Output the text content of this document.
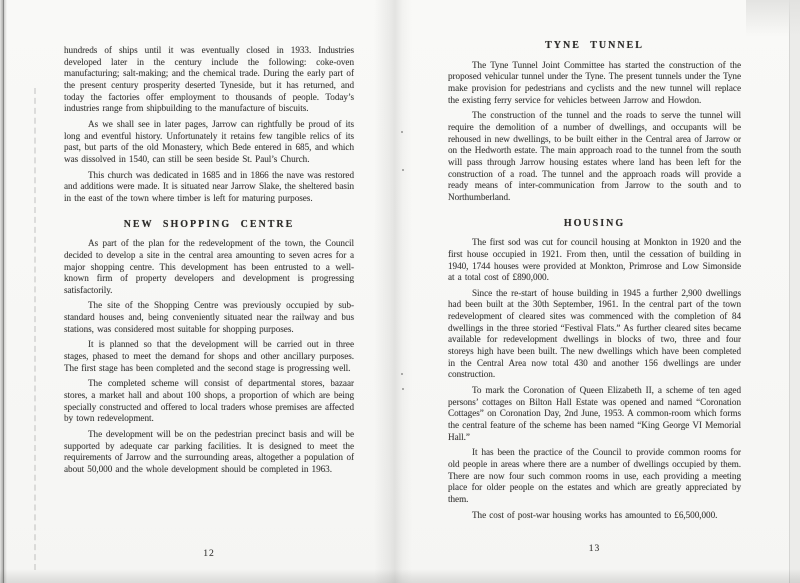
hundreds of ships until it was eventually closed in 1933. Industries developed later in the century include the following: coke-oven manufacturing; salt-making; and the chemical trade. During the early part of the present century prosperity deserted Tyneside, but it has returned, and today the factories offer employment to thousands of people. Today’s industries range from shipbuilding to the manufacture of biscuits.

As we shall see in later pages, Jarrow can rightfully be proud of its long and eventful history. Unfortunately it retains few tangible relics of its past, but parts of the old Monastery, which Bede entered in 685, and which was dissolved in 1540, can still be seen beside St. Paul’s Church.

This church was dedicated in 1685 and in 1866 the nave was restored and additions were made. It is situated near Jarrow Slake, the sheltered basin in the east of the town where timber is left for maturing purposes.

NEW SHOPPING CENTRE

As part of the plan for the redevelopment of the town, the Council decided to develop a site in the central area amounting to seven acres for a major shopping centre. This development has been entrusted to a well-known firm of property developers and development is progressing satisfactorily.

The site of the Shopping Centre was previously occupied by sub-standard houses and, being conveniently situated near the railway and bus stations, was considered most suitable for shopping purposes.

It is planned so that the development will be carried out in three stages, phased to meet the demand for shops and other ancillary purposes. The first stage has been completed and the second stage is progressing well.

The completed scheme will consist of departmental stores, bazaar stores, a market hall and about 100 shops, a proportion of which are being specially constructed and offered to local traders whose premises are affected by town redevelopment.

The development will be on the pedestrian precinct basis and will be supported by adequate car parking facilities. It is designed to meet the requirements of Jarrow and the surrounding areas, altogether a population of about 50,000 and the whole development should be completed in 1963.

TYNE TUNNEL

The Tyne Tunnel Joint Committee has started the construction of the proposed vehicular tunnel under the Tyne. The present tunnels under the Tyne make provision for pedestrians and cyclists and the new tunnel will replace the existing ferry service for vehicles between Jarrow and Howdon.

The construction of the tunnel and the roads to serve the tunnel will require the demolition of a number of dwellings, and occupants will be rehoused in new dwellings, to be built either in the Central area of Jarrow or on the Hedworth estate. The main approach road to the tunnel from the south will pass through Jarrow housing estates where land has been left for the construction of a road. The tunnel and the approach roads will provide a ready means of inter-communication from Jarrow to the south and to Northumberland.

HOUSING

The first sod was cut for council housing at Monkton in 1920 and the first house occupied in 1921. From then, until the cessation of building in 1940, 1744 houses were provided at Monkton, Primrose and Low Simonside at a total cost of £890,000.

Since the re-start of house building in 1945 a further 2,900 dwellings had been built at the 30th September, 1961. In the central part of the town redevelopment of cleared sites was commenced with the completion of 84 dwellings in the three storied “Festival Flats.” As further cleared sites became available for redevelopment dwellings in blocks of two, three and four storeys high have been built. The new dwellings which have been completed in the Central Area now total 430 and another 156 dwellings are under construction.

To mark the Coronation of Queen Elizabeth II, a scheme of ten aged persons’ cottages on Bilton Hall Estate was opened and named “Coronation Cottages” on Coronation Day, 2nd June, 1953. A common-room which forms the central feature of the scheme has been named “King George VI Memorial Hall.”

It has been the practice of the Council to provide common rooms for old people in areas where there are a number of dwellings occupied by them. There are now four such common rooms in use, each providing a meeting place for older people on the estates and which are greatly appreciated by them.

The cost of post-war housing works has amounted to £6,500,000.

12	13
